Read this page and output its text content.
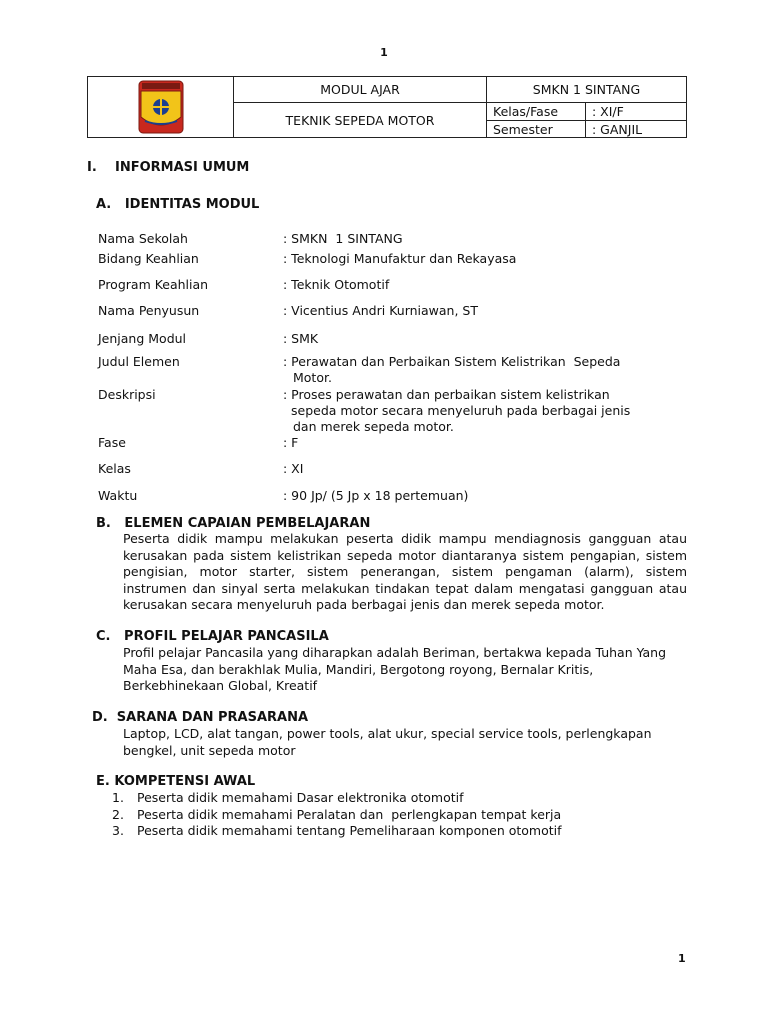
1
	MODUL AJAR	SMKN 1 SINTANG	
	TEKNIK SEPEDA MOTOR	Kelas/Fase	: XI/F
		Semester	: GANJIL
I. INFORMASI UMUM
A.   IDENTITAS MODUL
Nama Sekolah	: SMKN  1 SINTANG
Bidang Keahlian	: Teknologi Manufaktur dan Rekayasa
Program Keahlian	: Teknik Otomotif
Nama Penyusun	: Vicentius Andri Kurniawan, ST
Jenjang Modul	: SMK
Judul Elemen	: Perawatan dan Perbaikan Sistem Kelistrikan  Sepeda
Motor.
Deskripsi	: Proses perawatan dan perbaikan sistem kelistrikan
sepeda motor secara menyeluruh pada berbagai jenis
dan merek sepeda motor.
Fase	: F
Kelas	: XI
Waktu	: 90 Jp/ (5 Jp x 18 pertemuan)
B.   ELEMEN CAPAIAN PEMBELAJARAN
Peserta didik mampu melakukan peserta didik mampu mendiagnosis gangguan atau kerusakan pada sistem kelistrikan sepeda motor diantaranya sistem pengapian, sistem pengisian, motor starter, sistem penerangan, sistem pengaman (alarm), sistem instrumen dan sinyal serta melakukan tindakan tepat dalam mengatasi gangguan atau kerusakan secara menyeluruh pada berbagai jenis dan merek sepeda motor.
C.   PROFIL PELAJAR PANCASILA
Profil pelajar Pancasila yang diharapkan adalah Beriman, bertakwa kepada Tuhan Yang Maha Esa, dan berakhlak Mulia, Mandiri, Bergotong royong, Bernalar Kritis, Berkebhinekaan Global, Kreatif
D.  SARANA DAN PRASARANA
Laptop, LCD, alat tangan, power tools, alat ukur, special service tools, perlengkapan bengkel, unit sepeda motor
E. KOMPETENSI AWAL
1. Peserta didik memahami Dasar elektronika otomotif
2. Peserta didik memahami Peralatan dan  perlengkapan tempat kerja
3. Peserta didik memahami tentang Pemeliharaan komponen otomotif
1
